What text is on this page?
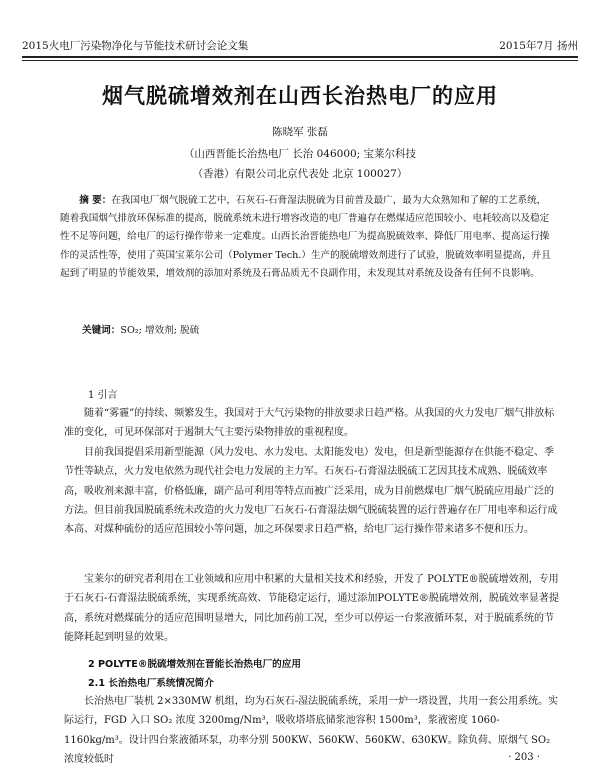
2015火电厂污染物净化与节能技术研讨会论文集	2015年7月 扬州
烟气脱硫增效剂在山西长治热电厂的应用
陈晓军 张磊
（山西晋能长治热电厂 长治 046000; 宝莱尔科技
（香港）有限公司北京代表处 北京 100027）
摘 要：在我国电厂烟气脱硫工艺中，石灰石-石膏湿法脱硫为目前普及最广，最为大众熟知和了解的工艺系统，随着我国烟气排放环保标准的提高，脱硫系统未进行增容改造的电厂普遍存在燃煤适应范围较小、电耗较高以及稳定性不足等问题，给电厂的运行操作带来一定难度。山西长治晋能热电厂为提高脱硫效率、降低厂用电率、提高运行操作的灵活性等，使用了英国宝莱尔公司（Polymer Tech.）生产的脱硫增效剂进行了试验，脱硫效率明显提高，并且起到了明显的节能效果，增效剂的添加对系统及石膏品质无不良副作用，未发现其对系统及设备有任何不良影响。
关键词：SO₂; 增效剂; 脱硫
1 引言
随着“雾霾”的持续、频繁发生，我国对于大气污染物的排放要求日趋严格。从我国的火力发电厂烟气排放标准的变化，可见环保部对于遏制大气主要污染物排放的重视程度。
目前我国提倡采用新型能源（风力发电、水力发电、太阳能发电）发电，但是新型能源存在供能不稳定、季节性等缺点，火力发电依然为现代社会电力发展的主力军。石灰石-石膏湿法脱硫工艺因其技术成熟、脱硫效率高，吸收剂来源丰富，价格低廉，副产品可利用等特点而被广泛采用，成为目前燃煤电厂烟气脱硫应用最广泛的方法。但目前我国脱硫系统未改造的火力发电厂石灰石-石膏湿法烟气脱硫装置的运行普遍存在厂用电率和运行成本高、对煤种硫份的适应范围较小等问题，加之环保要求日趋严格，给电厂运行操作带来诸多不便和压力。
宝莱尔的研究者利用在工业领域和应用中积累的大量相关技术和经验，开发了 POLYTE®脱硫增效剂，专用于石灰石-石膏湿法脱硫系统，实现系统高效、节能稳定运行，通过添加POLYTE®脱硫增效剂，脱硫效率显著提高，系统对燃煤硫分的适应范围明显增大，同比加药前工况，至少可以停运一台浆液循环泵，对于脱硫系统的节能降耗起到明显的效果。
2 POLYTE®脱硫增效剂在晋能长治热电厂的应用
2.1 长治热电厂系统情况简介
长治热电厂装机 2×330MW 机组，均为石灰石-湿法脱硫系统，采用一炉一塔设置，共用一套公用系统。实际运行，FGD 入口 SO₂ 浓度 3200mg/Nm³，吸收塔塔底储浆池容积 1500m³，浆液密度 1060-1160kg/m³。设计四台浆液循环泵，功率分别 500KW、560KW、560KW、630KW。除负荷、原烟气 SO₂ 浓度较低时	· 203 ·
